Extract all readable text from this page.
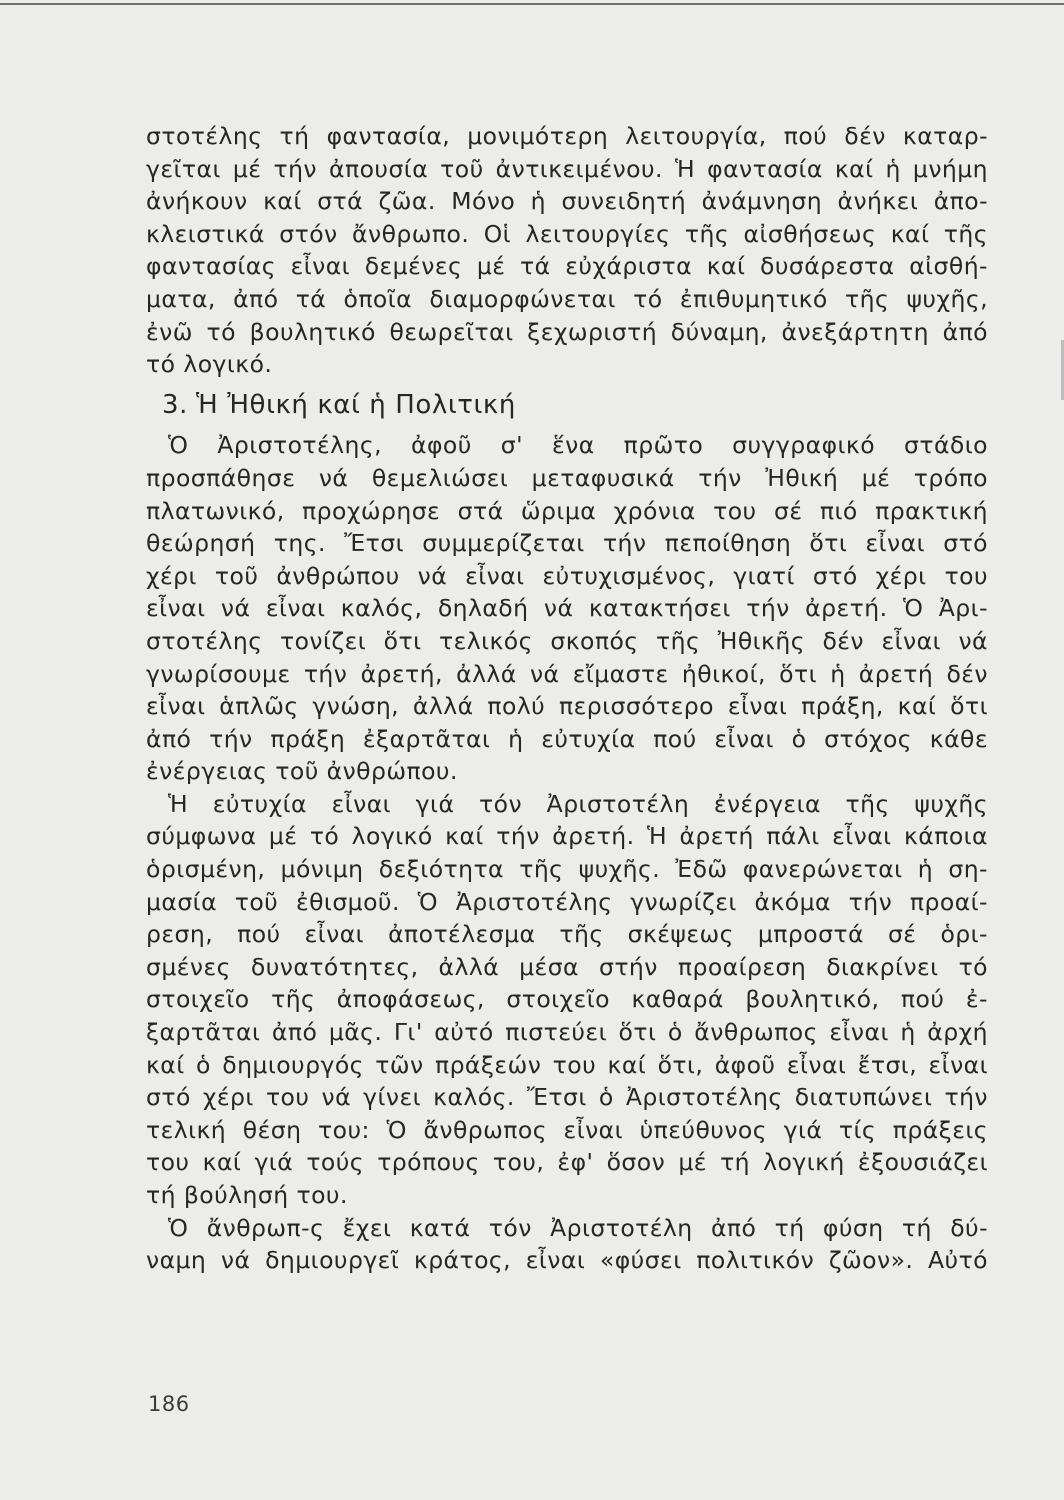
στοτέλης τή φαντασία, μονιμότερη λειτουργία, πού δέν καταρ-
γεῖται μέ τήν ἀπουσία τοῦ ἀντικειμένου. Ἡ φαντασία καί ἡ μνήμη
ἀνήκουν καί στά ζῶα. Μόνο ἡ συνειδητή ἀνάμνηση ἀνήκει ἀπο-
κλειστικά στόν ἄνθρωπο. Οἱ λειτουργίες τῆς αἰσθήσεως καί τῆς
φαντασίας εἶναι δεμένες μέ τά εὐχάριστα καί δυσάρεστα αἰσθή-
ματα, ἀπό τά ὁποῖα διαμορφώνεται τό ἐπιθυμητικό τῆς ψυχῆς,
ἐνῶ τό βουλητικό θεωρεῖται ξεχωριστή δύναμη, ἀνεξάρτητη ἀπό
τό λογικό.
3. Ἡ Ἠθική καί ἡ Πολιτική
Ὁ Ἀριστοτέλης, ἀφοῦ σ' ἕνα πρῶτο συγγραφικό στάδιο
προσπάθησε νά θεμελιώσει μεταφυσικά τήν Ἠθική μέ τρόπο
πλατωνικό, προχώρησε στά ὥριμα χρόνια του σέ πιό πρακτική
θεώρησή της. Ἔτσι συμμερίζεται τήν πεποίθηση ὅτι εἶναι στό
χέρι τοῦ ἀνθρώπου νά εἶναι εὐτυχισμένος, γιατί στό χέρι του
εἶναι νά εἶναι καλός, δηλαδή νά κατακτήσει τήν ἀρετή. Ὁ Ἀρι-
στοτέλης τονίζει ὅτι τελικός σκοπός τῆς Ἠθικῆς δέν εἶναι νά
γνωρίσουμε τήν ἀρετή, ἀλλά νά εἴμαστε ἠθικοί, ὅτι ἡ ἀρετή δέν
εἶναι ἁπλῶς γνώση, ἀλλά πολύ περισσότερο εἶναι πράξη, καί ὅτι
ἀπό τήν πράξη ἐξαρτᾶται ἡ εὐτυχία πού εἶναι ὁ στόχος κάθε
ἐνέργειας τοῦ ἀνθρώπου.
Ἡ εὐτυχία εἶναι γιά τόν Ἀριστοτέλη ἐνέργεια τῆς ψυχῆς
σύμφωνα μέ τό λογικό καί τήν ἀρετή. Ἡ ἀρετή πάλι εἶναι κάποια
ὁρισμένη, μόνιμη δεξιότητα τῆς ψυχῆς. Ἐδῶ φανερώνεται ἡ ση-
μασία τοῦ ἐθισμοῦ. Ὁ Ἀριστοτέλης γνωρίζει ἀκόμα τήν προαί-
ρεση, πού εἶναι ἀποτέλεσμα τῆς σκέψεως μπροστά σέ ὁρι-
σμένες δυνατότητες, ἀλλά μέσα στήν προαίρεση διακρίνει τό
στοιχεῖο τῆς ἀποφάσεως, στοιχεῖο καθαρά βουλητικό, πού ἐ-
ξαρτᾶται ἀπό μᾶς. Γι' αὐτό πιστεύει ὅτι ὁ ἄνθρωπος εἶναι ἡ ἀρχή
καί ὁ δημιουργός τῶν πράξεών του καί ὅτι, ἀφοῦ εἶναι ἔτσι, εἶναι
στό χέρι του νά γίνει καλός. Ἔτσι ὁ Ἀριστοτέλης διατυπώνει τήν
τελική θέση του: Ὁ ἄνθρωπος εἶναι ὑπεύθυνος γιά τίς πράξεις
του καί γιά τούς τρόπους του, ἐφ' ὅσον μέ τή λογική ἐξουσιάζει
τή βούλησή του.
Ὁ ἄνθρωπ-ς ἔχει κατά τόν Ἀριστοτέλη ἀπό τή φύση τή δύ-
ναμη νά δημιουργεῖ κράτος, εἶναι «φύσει πολιτικόν ζῶον». Αὐτό
186
